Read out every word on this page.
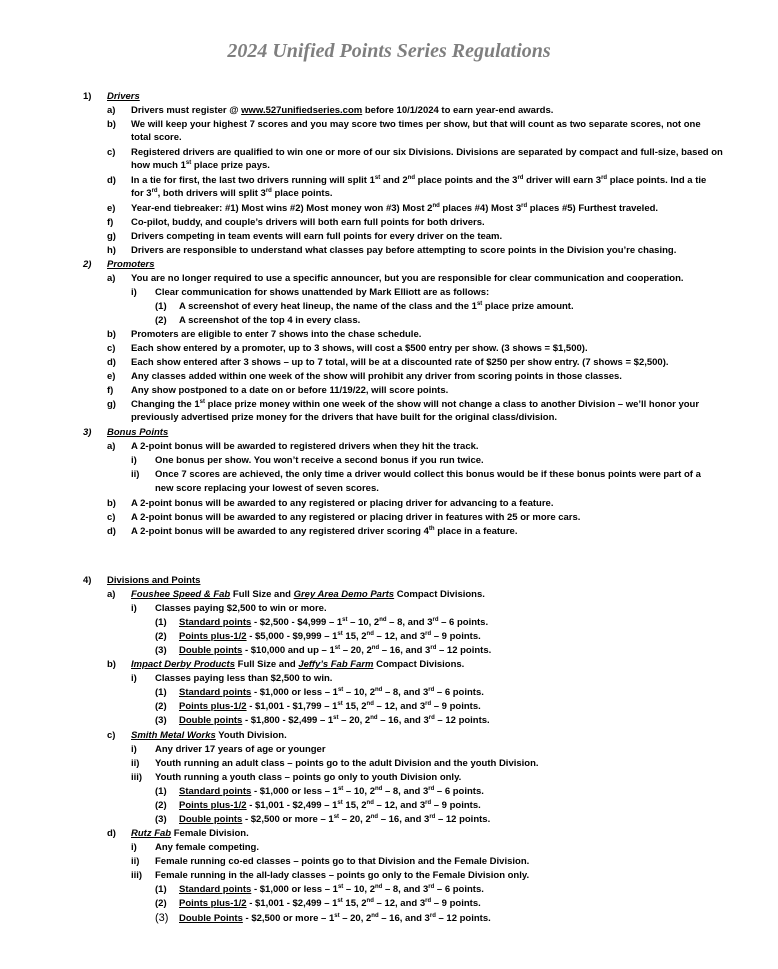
2024 Unified Points Series Regulations
1) Drivers
a) Drivers must register @ www.527unifiedseries.com before 10/1/2024 to earn year-end awards.
b) We will keep your highest 7 scores and you may score two times per show, but that will count as two separate scores, not one
total score.
c) Registered drivers are qualified to win one or more of our six Divisions. Divisions are separated by compact and full-size, based on
how much 1st place prize pays.
d) In a tie for first, the last two drivers running will split 1st and 2nd place points and the 3rd driver will earn 3rd place points. Ind a tie
for 3rd, both drivers will split 3rd place points.
e) Year-end tiebreaker: #1) Most wins #2) Most money won #3) Most 2nd places #4) Most 3rd places #5) Furthest traveled.
f) Co-pilot, buddy, and couple’s drivers will both earn full points for both drivers.
g) Drivers competing in team events will earn full points for every driver on the team.
h) Drivers are responsible to understand what classes pay before attempting to score points in the Division you’re chasing.
2) Promoters
a) You are no longer required to use a specific announcer, but you are responsible for clear communication and cooperation.
i) Clear communication for shows unattended by Mark Elliott are as follows:
(1) A screenshot of every heat lineup, the name of the class and the 1st place prize amount.
(2) A screenshot of the top 4 in every class.
b) Promoters are eligible to enter 7 shows into the chase schedule.
c) Each show entered by a promoter, up to 3 shows, will cost a $500 entry per show. (3 shows = $1,500).
d) Each show entered after 3 shows – up to 7 total, will be at a discounted rate of $250 per show entry. (7 shows = $2,500).
e) Any classes added within one week of the show will prohibit any driver from scoring points in those classes.
f) Any show postponed to a date on or before 11/19/22, will score points.
g) Changing the 1st place prize money within one week of the show will not change a class to another Division – we’ll honor your
previously advertised prize money for the drivers that have built for the original class/division.
3) Bonus Points
a) A 2-point bonus will be awarded to registered drivers when they hit the track.
i) One bonus per show. You won’t receive a second bonus if you run twice.
ii) Once 7 scores are achieved, the only time a driver would collect this bonus would be if these bonus points were part of a
new score replacing your lowest of seven scores.
b) A 2-point bonus will be awarded to any registered or placing driver for advancing to a feature.
c) A 2-point bonus will be awarded to any registered or placing driver in features with 25 or more cars.
d) A 2-point bonus will be awarded to any registered driver scoring 4th place in a feature.
4) Divisions and Points
a) Foushee Speed & Fab Full Size and Grey Area Demo Parts Compact Divisions.
i) Classes paying $2,500 to win or more.
(1) Standard points - $2,500 - $4,999 – 1st – 10, 2nd – 8, and 3rd – 6 points.
(2) Points plus-1/2 - $5,000 - $9,999 – 1st 15, 2nd – 12, and 3rd – 9 points.
(3) Double points - $10,000 and up – 1st – 20, 2nd – 16, and 3rd – 12 points.
b) Impact Derby Products Full Size and Jeffy’s Fab Farm Compact Divisions.
i) Classes paying less than $2,500 to win.
(1) Standard points - $1,000 or less – 1st – 10, 2nd – 8, and 3rd – 6 points.
(2) Points plus-1/2 - $1,001 - $1,799 – 1st 15, 2nd – 12, and 3rd – 9 points.
(3) Double points - $1,800 - $2,499 – 1st – 20, 2nd – 16, and 3rd – 12 points.
c) Smith Metal Works Youth Division.
i) Any driver 17 years of age or younger
ii) Youth running an adult class – points go to the adult Division and the youth Division.
iii) Youth running a youth class – points go only to youth Division only.
(1) Standard points - $1,000 or less – 1st – 10, 2nd – 8, and 3rd – 6 points.
(2) Points plus-1/2 - $1,001 - $2,499 – 1st 15, 2nd – 12, and 3rd – 9 points.
(3) Double points - $2,500 or more – 1st – 20, 2nd – 16, and 3rd – 12 points.
d) Rutz Fab Female Division.
i) Any female competing.
ii) Female running co-ed classes – points go to that Division and the Female Division.
iii) Female running in the all-lady classes – points go only to the Female Division only.
(1) Standard points - $1,000 or less – 1st – 10, 2nd – 8, and 3rd – 6 points.
(2) Points plus-1/2 - $1,001 - $2,499 – 1st 15, 2nd – 12, and 3rd – 9 points.
(3) Double Points - $2,500 or more – 1st – 20, 2nd – 16, and 3rd – 12 points.
